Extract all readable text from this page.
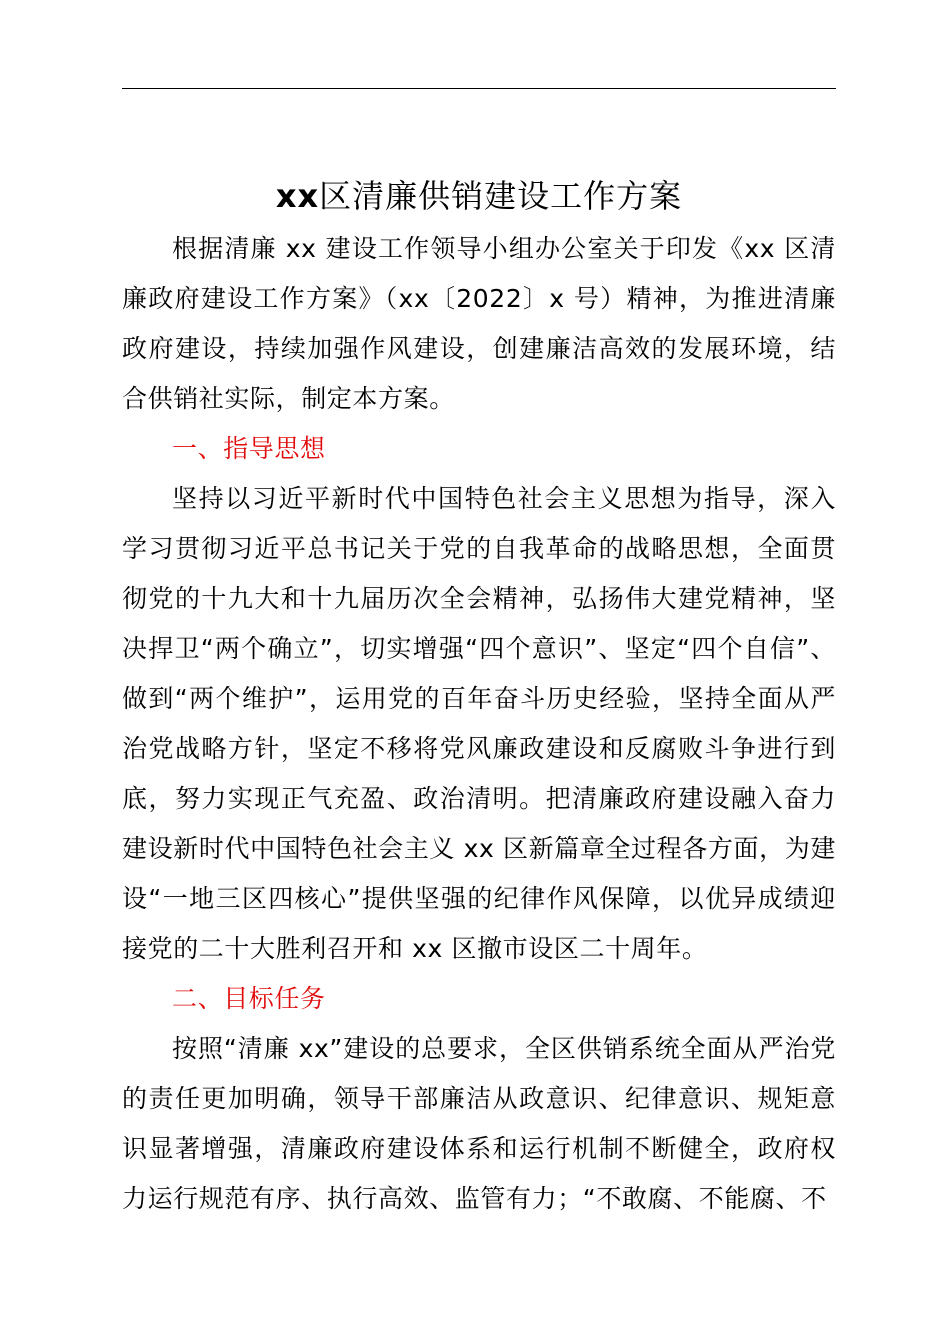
xx区清廉供销建设工作方案

根据清廉 xx 建设工作领导小组办公室关于印发《xx 区清廉政府建设工作方案》（xx〔2022〕x 号）精神，为推进清廉政府建设，持续加强作风建设，创建廉洁高效的发展环境，结合供销社实际，制定本方案。

一、指导思想

坚持以习近平新时代中国特色社会主义思想为指导，深入学习贯彻习近平总书记关于党的自我革命的战略思想，全面贯彻党的十九大和十九届历次全会精神，弘扬伟大建党精神，坚决捍卫“两个确立”，切实增强“四个意识”、坚定“四个自信”、做到“两个维护”，运用党的百年奋斗历史经验，坚持全面从严治党战略方针，坚定不移将党风廉政建设和反腐败斗争进行到底，努力实现正气充盈、政治清明。把清廉政府建设融入奋力建设新时代中国特色社会主义 xx 区新篇章全过程各方面，为建设“一地三区四核心”提供坚强的纪律作风保障，以优异成绩迎接党的二十大胜利召开和 xx 区撤市设区二十周年。

二、目标任务

按照“清廉 xx”建设的总要求，全区供销系统全面从严治党的责任更加明确，领导干部廉洁从政意识、纪律意识、规矩意识显著增强，清廉政府建设体系和运行机制不断健全，政府权力运行规范有序、执行高效、监管有力；“不敢腐、不能腐、不
